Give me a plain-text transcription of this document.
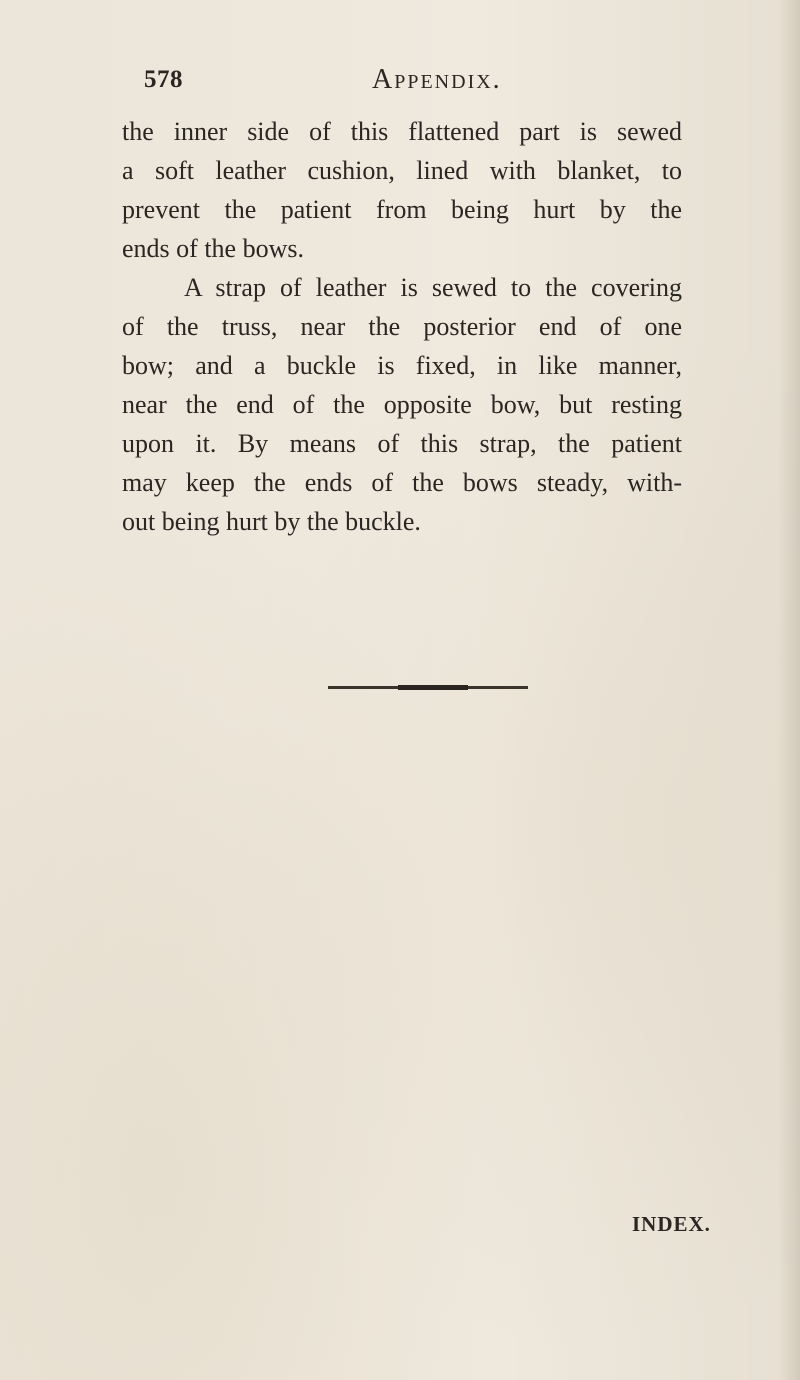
578	Appendix.
the inner side of this flattened part is sewed
a soft leather cushion, lined with blanket, to
prevent the patient from being hurt by the
ends of the bows.
A strap of leather is sewed to the covering
of the truss, near the posterior end of one
bow; and a buckle is fixed, in like manner,
near the end of the opposite bow, but resting
upon it. By means of this strap, the patient
may keep the ends of the bows steady, with-
out being hurt by the buckle.
INDEX.
